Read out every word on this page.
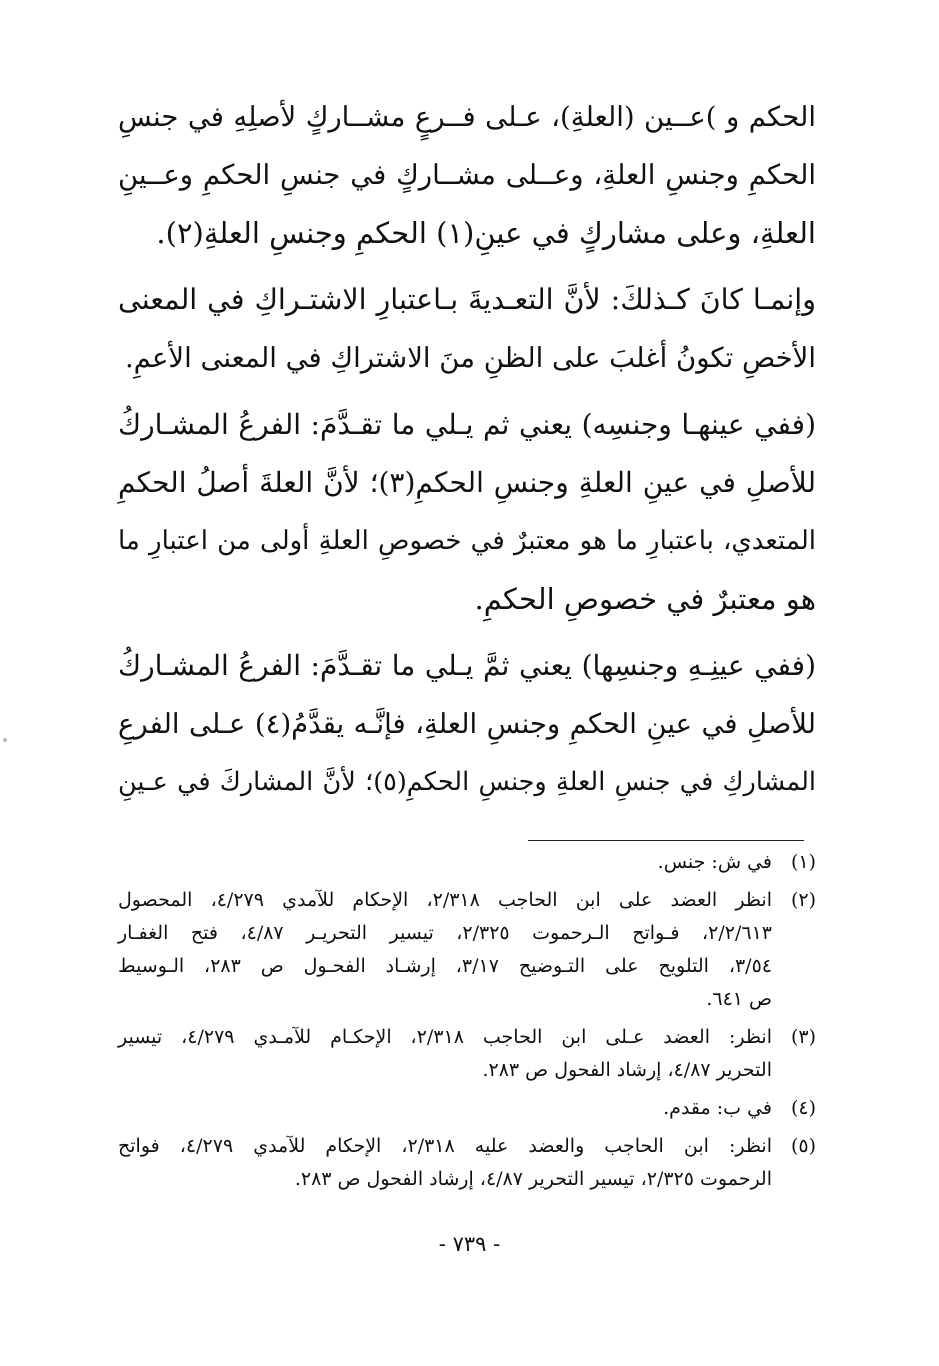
الحكم و )عــين (العلةِ)، عـلى فــرعٍ مشــاركٍ لأصلِهِ في جنسِ
الحكمِ وجنسِ العلةِ، وعــلى مشــاركٍ في جنسِ الحكمِ وعــينِ
العلةِ، وعلى مشاركٍ في عينِ(١) الحكمِ وجنسِ العلةِ(٢).
وإنمـا كانَ كـذلكَ: لأنَّ التعـديةَ بـاعتبارِ الاشتـراكِ في المعنى
الأخصِ تكونُ أغلبَ على الظنِ منَ الاشتراكِ في المعنى الأعمِ.
(ففي عينهـا وجنسِه) يعني ثم يـلي ما تقـدَّمَ: الفرعُ المشـاركُ
للأصلِ في عينِ العلةِ وجنسِ الحكمِ(٣)؛ لأنَّ العلةَ أصلُ الحكمِ
المتعدي، باعتبارِ ما هو معتبرٌ في خصوصِ العلةِ أولى من اعتبارِ ما
هو معتبرٌ في خصوصِ الحكمِ.
(ففي عينِـهِ وجنسِها) يعني ثمَّ يـلي ما تقـدَّمَ: الفرعُ المشـاركُ
للأصلِ في عينِ الحكمِ وجنسِ العلةِ، فإنَّـه يقدَّمُ(٤) عـلى الفرعِ
المشاركِ في جنسِ العلةِ وجنسِ الحكمِ(٥)؛ لأنَّ المشاركَ في عـينِ
(١)
في ش: جنس.
(٢)
انظر العضد على ابن الحاجب ٢/٣١٨، الإحكام للآمدي ٤/٢٧٩، المحصول
٢/٢/٦١٣، فـواتح الـرحموت ٢/٣٢٥، تيسير التحريـر ٤/٨٧، فتح الغفـار
٣/٥٤، التلويح على التـوضيح ٣/١٧، إرشـاد الفحـول ص ٢٨٣، الـوسيط
ص ٦٤١.
(٣)
انظر: العضد عـلى ابن الحاجب ٢/٣١٨، الإحكـام للآمـدي ٤/٢٧٩، تيسير
التحرير ٤/٨٧، إرشاد الفحول ص ٢٨٣.
(٤)
في ب: مقدم.
(٥)
انظر: ابن الحاجب والعضد عليه ٢/٣١٨، الإحكام للآمدي ٤/٢٧٩، فواتح
الرحموت ٢/٣٢٥، تيسير التحرير ٤/٨٧، إرشاد الفحول ص ٢٨٣.
- ٧٣٩ -
